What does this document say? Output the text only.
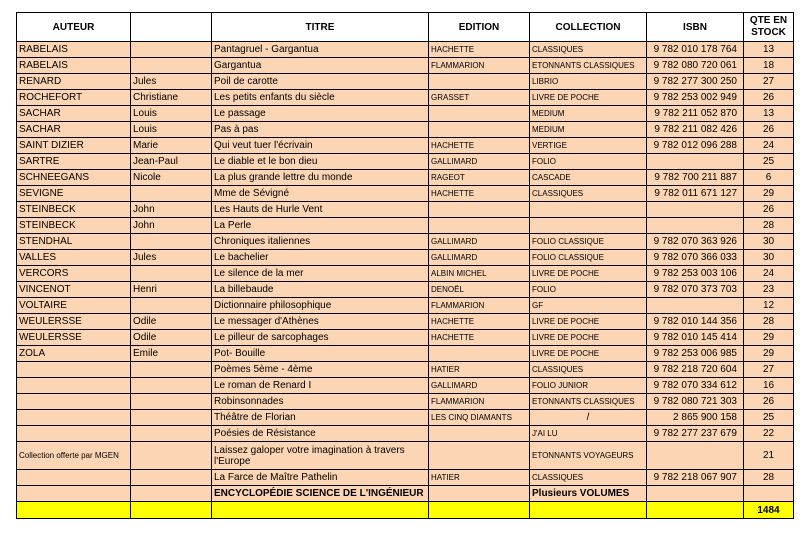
AUTEUR		TITRE	EDITION	COLLECTION	ISBN	QTE EN STOCK
RABELAIS		Pantagruel - Gargantua	HACHETTE	CLASSIQUES	9 782 010 178 764	13
RABELAIS		Gargantua	FLAMMARION	ETONNANTS CLASSIQUES	9 782 080 720 061	18
RENARD	Jules	Poil de carotte		LIBRIO	9 782 277 300 250	27
ROCHEFORT	Christiane	Les petits enfants du siècle	GRASSET	LIVRE DE POCHE	9 782 253 002 949	26
SACHAR	Louis	Le passage		MEDIUM	9 782 211 052 870	13
SACHAR	Louis	Pas à pas		MEDIUM	9 782 211 082 426	26
SAINT DIZIER	Marie	Qui veut tuer l'écrivain	HACHETTE	VERTIGE	9 782 012 096 288	24
SARTRE	Jean-Paul	Le diable et le bon dieu	GALLIMARD	FOLIO		25
SCHNEEGANS	Nicole	La plus grande lettre du monde	RAGEOT	CASCADE	9 782 700 211 887	6
SEVIGNE		Mme de Sévigné	HACHETTE	CLASSIQUES	9 782 011 671 127	29
STEINBECK	John	Les Hauts de Hurle Vent				26
STEINBECK	John	La Perle				28
STENDHAL		Chroniques italiennes	GALLIMARD	FOLIO CLASSIQUE	9 782 070 363 926	30
VALLES	Jules	Le bachelier	GALLIMARD	FOLIO CLASSIQUE	9 782 070 366 033	30
VERCORS		Le silence de la mer	ALBIN MICHEL	LIVRE DE POCHE	9 782 253 003 106	24
VINCENOT	Henri	La billebaude	DENOËL	FOLIO	9 782 070 373 703	23
VOLTAIRE		Dictionnaire philosophique	FLAMMARION	GF		12
WEULERSSE	Odile	Le messager d'Athènes	HACHETTE	LIVRE DE POCHE	9 782 010 144 356	28
WEULERSSE	Odile	Le pilleur de sarcophages	HACHETTE	LIVRE DE POCHE	9 782 010 145 414	29
ZOLA	Emile	Pot- Bouille		LIVRE DE POCHE	9 782 253 006 985	29
		Poèmes 5ème - 4ème	HATIER	CLASSIQUES	9 782 218 720 604	27
		Le roman de Renard I	GALLIMARD	FOLIO JUNIOR	9 782 070 334 612	16
		Robinsonnades	FLAMMARION	ETONNANTS CLASSIQUES	9 782 080 721 303	26
		Théâtre de Florian	LES CINQ DIAMANTS	/	2 865 900 158	25
		Poésies de Résistance		J'AI LU	9 782 277 237 679	22
Collection offerte par MGEN		Laissez galoper votre imagination à travers l'Europe		ETONNANTS VOYAGEURS		21
		La Farce de Maître Pathelin	HATIER	CLASSIQUES	9 782 218 067 907	28
		ENCYCLOPÉDIE SCIENCE DE L'INGÉNIEUR		Plusieurs VOLUMES		
						1484
